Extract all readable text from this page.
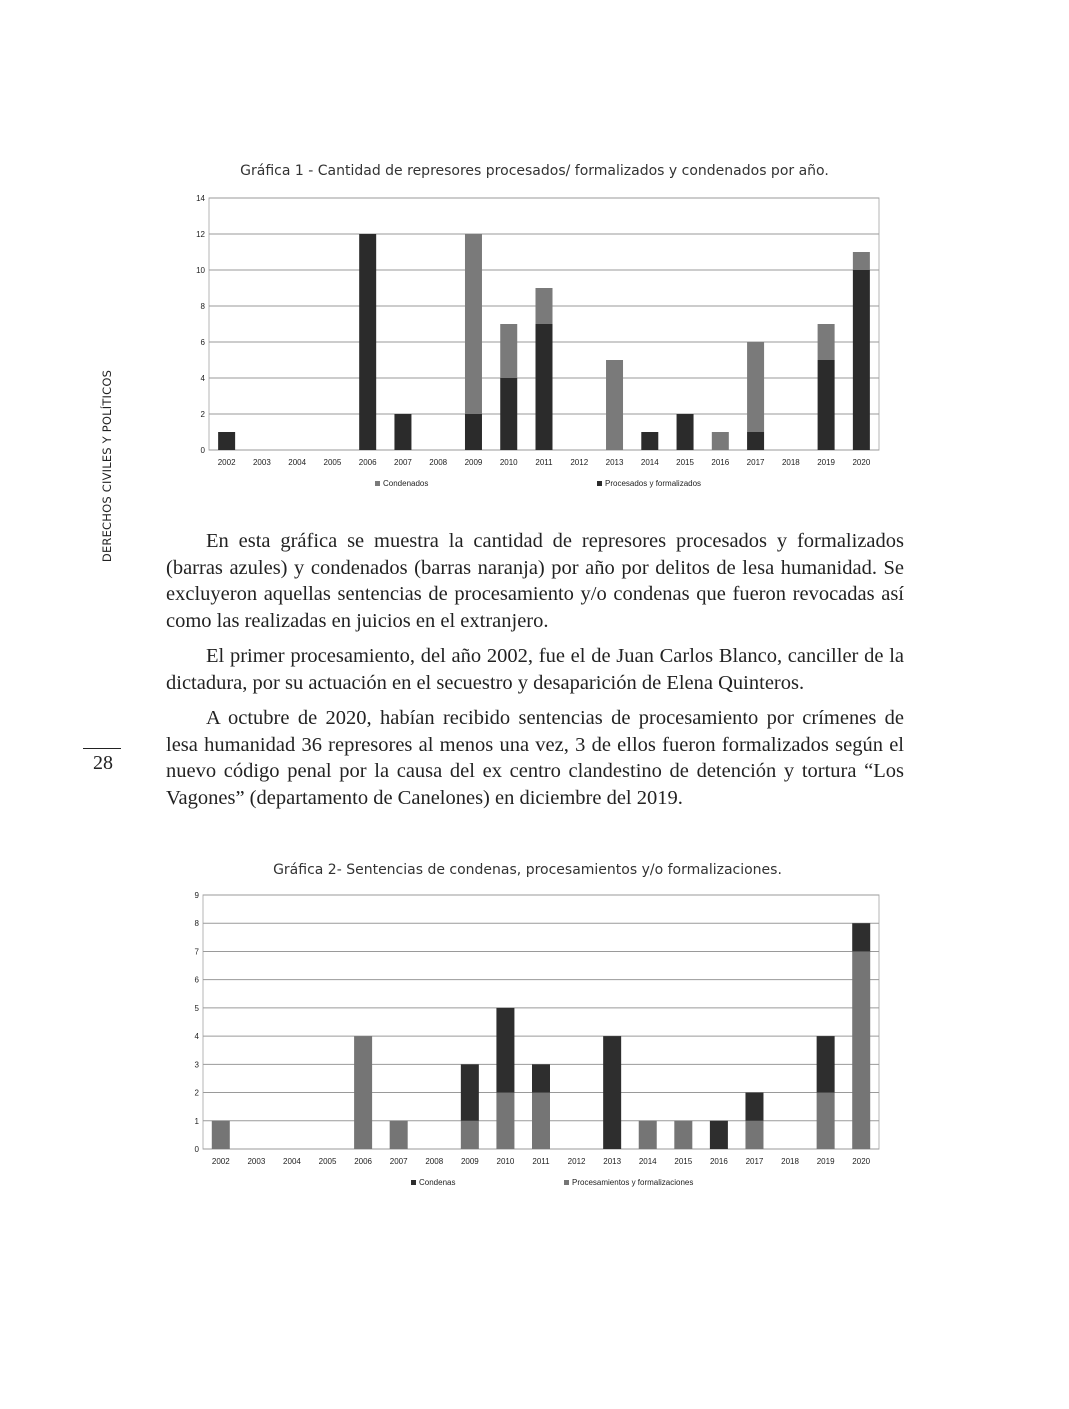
DERECHOS CIVILES Y POLÍTICOS
28
Gráfica 1 - Cantidad de represores procesados/ formalizados y condenados por año.
0
2
4
6
8
10
12
14
2002 2003 2004 2005 2006 2007 2008 2009 2010 2011 2012 2013 2014 2015 2016 2017 2018 2019 2020
Condenados	Procesados y formalizados

En esta gráfica se muestra la cantidad de represores procesados y formalizados (barras azules) y condenados (barras naranja) por año por delitos de lesa humanidad. Se excluyeron aquellas sentencias de procesamiento y/o condenas que fueron revocadas así como las realizadas en juicios en el extranjero.

El primer procesamiento, del año 2002, fue el de Juan Carlos Blanco, canciller de la dictadura, por su actuación en el secuestro y desaparición de Elena Quinteros.

A octubre de 2020, habían recibido sentencias de procesamiento por crímenes de lesa humanidad 36 represores al menos una vez, 3 de ellos fueron formalizados según el nuevo código penal por la causa del ex centro clandestino de detención y tortura “Los Vagones” (departamento de Canelones) en diciembre del 2019.

Gráfica 2- Sentencias de condenas, procesamientos y/o formalizaciones.
0
1
2
3
4
5
6
7
8
9
2002 2003 2004 2005 2006 2007 2008 2009 2010 2011 2012 2013 2014 2015 2016 2017 2018 2019 2020
Condenas	Procesamientos y formalizaciones
